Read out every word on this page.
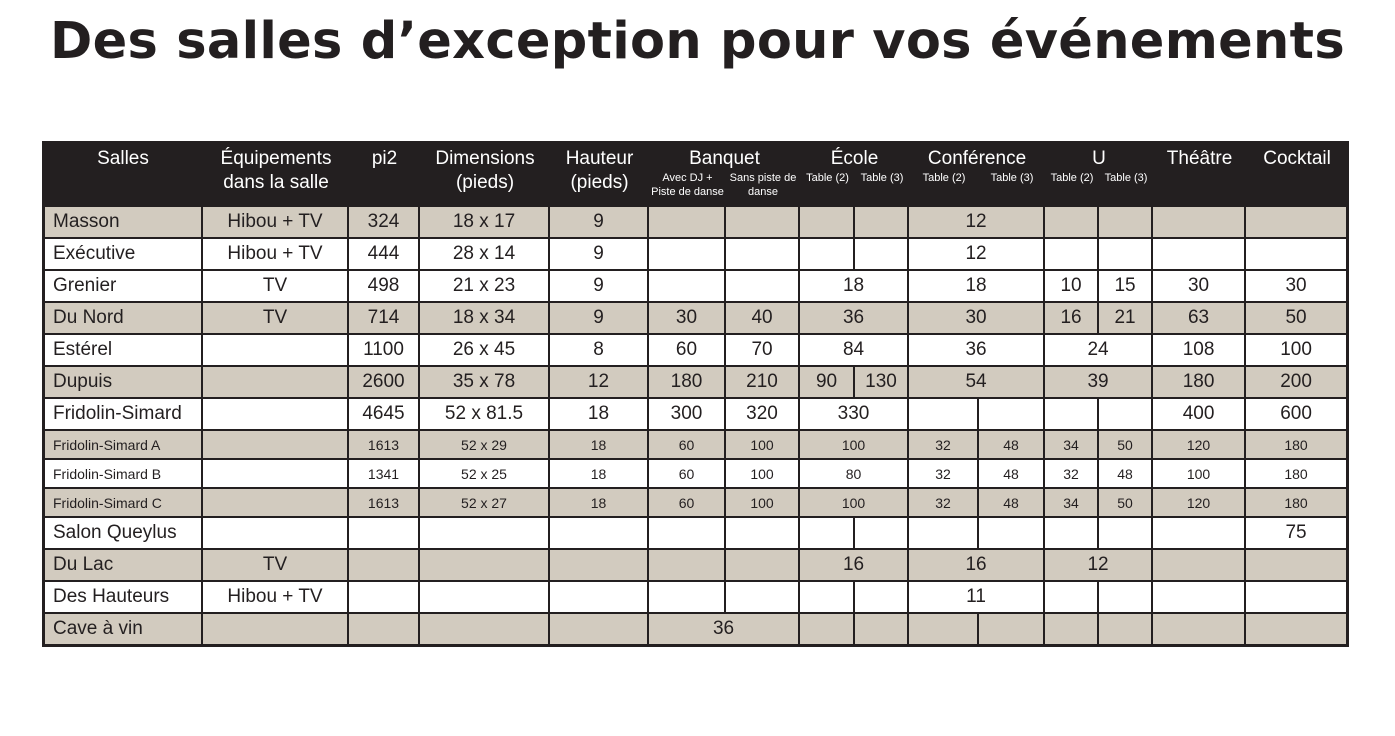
Des salles d’exception pour vos événements
Salles	Équipements dans la salle	pi2	Dimensions (pieds)	Hauteur (pieds)	Banquet		École		Conférence		U		Théâtre	Cocktail
					Avec DJ + Piste de danse	Sans piste de danse	Table (2)	Table (3)	Table (2)	Table (3)	Table (2)	Table (3)		
Masson	Hibou + TV	324	18 x 17	9					12					
Exécutive	Hibou + TV	444	28 x 14	9					12					
Grenier	TV	498	21 x 23	9			18		18		10	15	30	30
Du Nord	TV	714	18 x 34	9	30	40	36		30		16	21	63	50
Estérel		1100	26 x 45	8	60	70	84		36		24		108	100
Dupuis		2600	35 x 78	12	180	210	90	130	54		39		180	200
Fridolin-Simard		4645	52 x 81.5	18	300	320	330						400	600
Fridolin-Simard A		1613	52 x 29	18	60	100	100		32	48	34	50	120	180
Fridolin-Simard B		1341	52 x 25	18	60	100	80		32	48	32	48	100	180
Fridolin-Simard C		1613	52 x 27	18	60	100	100		32	48	34	50	120	180
Salon Queylus														75
Du Lac	TV						16		16		12			
Des Hauteurs	Hibou + TV								11					
Cave à vin					36									
